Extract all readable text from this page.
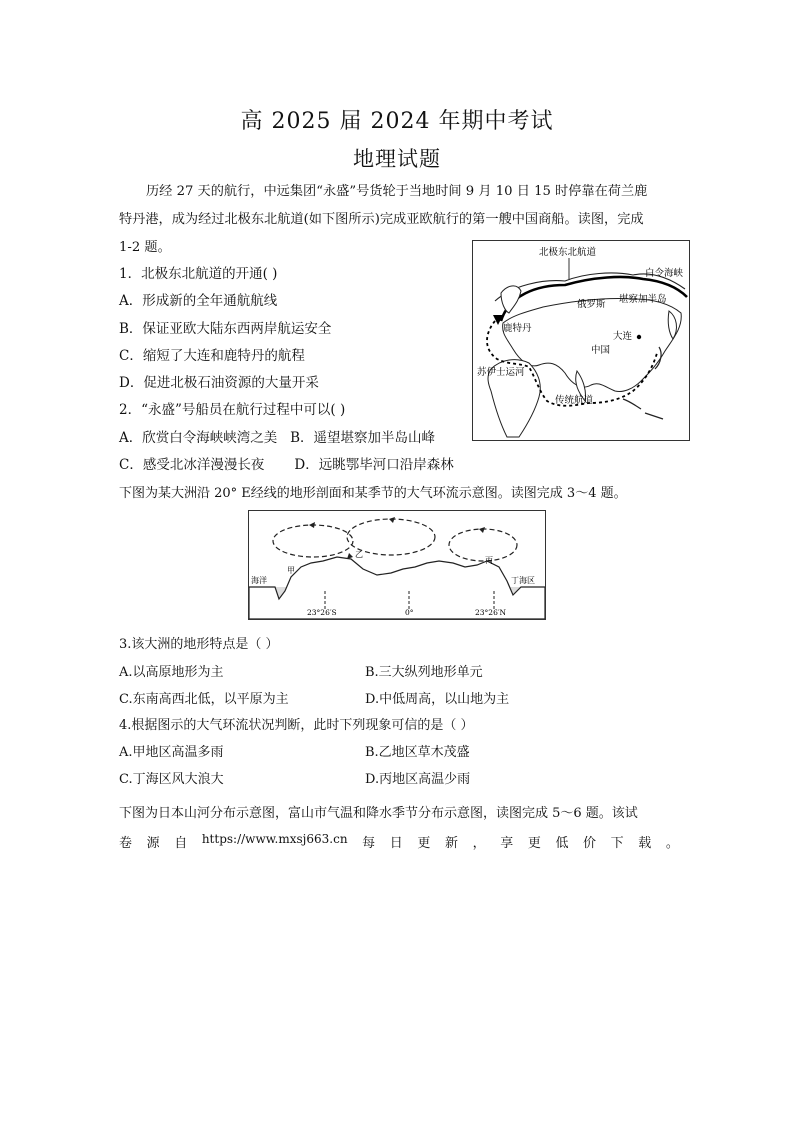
高 2025 届 2024 年期中考试
地理试题
历经 27 天的航行，中远集团“永盛”号货轮于当地时间 9 月 10 日 15 时停靠在荷兰鹿
特丹港，成为经过北极东北航道(如下图所示)完成亚欧航行的第一艘中国商船。读图，完成
1-2 题。
1．北极东北航道的开通( )
A．形成新的全年通航航线
B．保证亚欧大陆东西两岸航运安全
C．缩短了大连和鹿特丹的航程
D．促进北极石油资源的大量开采
2．“永盛”号船员在航行过程中可以( )
A．欣赏白令海峡峡湾之美   B．遥望堪察加半岛山峰
C．感受北冰洋漫漫长夜       D．远眺鄂毕河口沿岸森林
北极东北航道
白令海峡
堪察加半岛
俄罗斯
鹿特丹
大连
中国
苏伊士运河
传统航道
下图为某大洲沿 20° E经线的地形剖面和某季节的大气环流示意图。读图完成 3～4 题。
海洋	丁海区
甲
乙
丙
23°26′S	0°	23°26′N
3.该大洲的地形特点是（ ）
A.以高原地形为主	B.三大纵列地形单元
C.东南高西北低，以平原为主	D.中低周高，以山地为主
4.根据图示的大气环流状况判断，此时下列现象可信的是（ ）
A.甲地区高温多雨	B.乙地区草木茂盛
C.丁海区风大浪大	D.丙地区高温少雨
下图为日本山河分布示意图，富山市气温和降水季节分布示意图，读图完成 5～6 题。该试
卷 源 自 https://www.mxsj663.cn 每 日 更 新 ， 享 更 低 价 下 载 。
